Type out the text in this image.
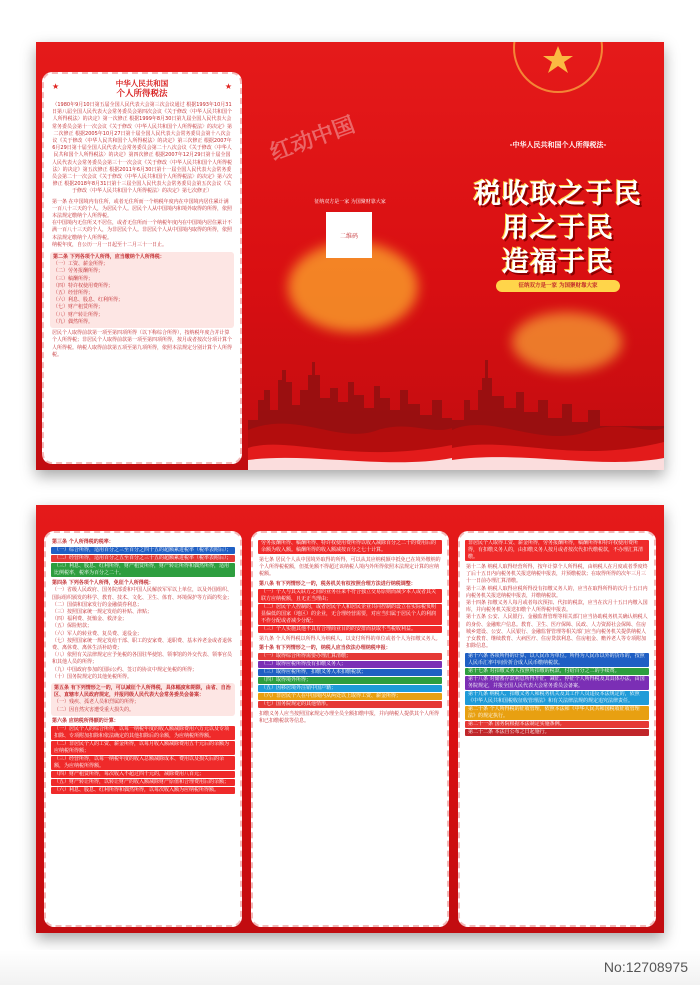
★	★
中华人民共和国
个人所得税法

（1980年9月10日第五届全国人民代表大会第三次会议通过 根据1993年10月31日第八届全国人民代表大会常务委员会第四次会议《关于修改〈中华人民共和国个人所得税法〉的决定》第一次修正 根据1999年8月30日第九届全国人民代表大会常务委员会第十一次会议《关于修改〈中华人民共和国个人所得税法〉的决定》第二次修正 根据2005年10月27日第十届全国人民代表大会常务委员会第十八次会议《关于修改〈中华人民共和国个人所得税法〉的决定》第三次修正 根据2007年6月29日第十届全国人民代表大会常务委员会第二十八次会议《关于修改〈中华人民共和国个人所得税法〉的决定》第四次修正 根据2007年12月29日第十届全国人民代表大会常务委员会第三十一次会议《关于修改〈中华人民共和国个人所得税法〉的决定》第五次修正 根据2011年6月30日第十一届全国人民代表大会常务委员会第二十一次会议《关于修改〈中华人民共和国个人所得税法〉的决定》第六次修正 根据2018年8月31日第十三届全国人民代表大会常务委员会第五次会议《关于修改〈中华人民共和国个人所得税法〉的决定》第七次修正）

第一条 在中国境内有住所，或者无住所而一个纳税年度内在中国境内居住累计满一百八十三天的个人，为居民个人。居民个人从中国境内和境外取得的所得，依照本法规定缴纳个人所得税。

在中国境内无住所又不居住，或者无住所而一个纳税年度内在中国境内居住累计不满一百八十三天的个人，为非居民个人。非居民个人从中国境内取得的所得，依照本法规定缴纳个人所得税。

纳税年度，自公历一月一日起至十二月三十一日止。

第二条 下列各项个人所得，应当缴纳个人所得税：

（一）工资、薪金所得；

（二）劳务报酬所得；

（三）稿酬所得；

（四）特许权使用费所得；

（五）经营所得；

（六）利息、股息、红利所得；

（七）财产租赁所得；

（八）财产转让所得；

（九）偶然所得。

居民个人取得前款第一项至第四项所得（以下称综合所得），按纳税年度合并计算个人所得税；非居民个人取得前款第一项至第四项所得，按月或者按次分项计算个人所得税。纳税人取得前款第五项至第九项所得，依照本法规定分别计算个人所得税。

红动中国
征纳双方是一家 为国聚财靠大家
二维码
-中华人民共和国个人所得税法-
税收取之于民
用之于民
造福于民
征纳双方是一家 为国聚财靠大家

第三条 个人所得税的税率：

（一）综合所得，适用百分之三至百分之四十五的超额累进税率（税率表附后）；
（二）经营所得，适用百分之五至百分之三十五的超额累进税率（税率表附后）；
（三）利息、股息、红利所得，财产租赁所得，财产转让所得和偶然所得，适用比例税率，税率为百分之二十。

第四条 下列各项个人所得，免征个人所得税：

（一）省级人民政府、国务院部委和中国人民解放军军以上单位，以及外国组织、国际组织颁发的科学、教育、技术、文化、卫生、体育、环境保护等方面的奖金；

（二）国债和国家发行的金融债券利息；

（三）按照国家统一规定发给的补贴、津贴；

（四）福利费、抚恤金、救济金；

（五）保险赔款；

（六）军人的转业费、复员费、退役金；

（七）按照国家统一规定发给干部、职工的安家费、退职费、基本养老金或者退休费、离休费、离休生活补助费；

（八）依照有关法律规定应予免税的各国驻华使馆、领事馆的外交代表、领事官员和其他人员的所得；

（九）中国政府参加的国际公约、签订的协议中规定免税的所得；

（十）国务院规定的其他免税所得。

第五条 有下列情形之一的，可以减征个人所得税，具体幅度和期限，由省、自治区、直辖市人民政府规定，并报同级人民代表大会常务委员会备案：

（一）残疾、孤老人员和烈属的所得；

（二）因自然灾害遭受重大损失的。

第六条 应纳税所得额的计算：

（一）居民个人的综合所得，以每一纳税年度的收入额减除费用六万元以及专项扣除、专项附加扣除和依法确定的其他扣除后的余额，为应纳税所得额。
（二）非居民个人的工资、薪金所得，以每月收入额减除费用五千元后的余额为应纳税所得额；
（三）经营所得，以每一纳税年度的收入总额减除成本、费用以及损失后的余额，为应纳税所得额。
（四）财产租赁所得，每次收入不超过四千元的，减除费用八百元；
（五）财产转让所得，以转让财产的收入额减除财产原值和合理费用后的余额；
（六）利息、股息、红利所得和偶然所得，以每次收入额为应纳税所得额。
劳务报酬所得、稿酬所得、特许权使用费所得以收入减除百分之二十的费用后的余额为收入额。稿酬所得的收入额减按百分之七十计算。

第七条 居民个人从中国境外取得的所得，可以从其应纳税额中抵免已在境外缴纳的个人所得税税额，但抵免额不得超过该纳税人境内外所得依照本法规定计算的应纳税额。

第八条 有下列情形之一的，税务机关有权按照合理方法进行纳税调整：

（一）个人与其关联方之间的业务往来不符合独立交易原则而减少本人或者其关联方应纳税额，且无正当理由；
（二）居民个人控制的，或者居民个人和居民企业共同控制的设立在实际税负明显偏低的国家（地区）的企业，无合理经营需要，对应当归属于居民个人的利润不作分配或者减少分配；
（三）个人实施其他不具有合理商业目的的安排而获取不当税收利益。

第九条 个人所得税以所得人为纳税人，以支付所得的单位或者个人为扣缴义务人。

第十条 有下列情形之一的，纳税人应当依法办理纳税申报：

（一）取得综合所得需要办理汇算清缴；
（二）取得应税所得没有扣缴义务人；
（三）取得应税所得，扣缴义务人未扣缴税款；
（四）取得境外所得；
（五）因移居境外注销中国户籍；
（六）非居民个人在中国境内从两处以上取得工资、薪金所得；
（七）国务院规定的其他情形。

扣缴义务人应当按照国家规定办理全员全额扣缴申报，并向纳税人提供其个人所得和已扣缴税款等信息。

非居民个人取得工资、薪金所得，劳务报酬所得，稿酬所得和特许权使用费所得，有扣缴义务人的，由扣缴义务人按月或者按次代扣代缴税款，不办理汇算清缴。

第十二条 纳税人取得经营所得，按年计算个人所得税，由纳税人在月度或者季度终了后十五日内向税务机关报送纳税申报表，并预缴税款；在取得所得的次年三月三十一日前办理汇算清缴。

第十三条 纳税人取得应税所得没有扣缴义务人的，应当在取得所得的次月十五日内向税务机关报送纳税申报表，并缴纳税款。

第十四条 扣缴义务人每月或者每次预扣、代扣的税款，应当在次月十五日内缴入国库，并向税务机关报送扣缴个人所得税申报表。

第十五条 公安、人民银行、金融监督管理等相关部门应当协助税务机关确认纳税人的身份、金融账户信息。教育、卫生、医疗保障、民政、人力资源社会保障、住房城乡建设、公安、人民银行、金融监督管理等相关部门应当向税务机关提供纳税人子女教育、继续教育、大病医疗、住房贷款利息、住房租金、赡养老人等专项附加扣除信息。

第十六条 各项所得的计算，以人民币为单位。所得为人民币以外的货币的，按照人民币汇率中间价折合成人民币缴纳税款。
第十七条 对扣缴义务人按照所扣缴的税款，付给百分之二的手续费。
第十八条 对储蓄存款利息所得开征、减征、停征个人所得税及其具体办法，由国务院规定，并报全国人民代表大会常务委员会备案。
第十九条 纳税人、扣缴义务人和税务机关及其工作人员违反本法规定的，依照《中华人民共和国税收征收管理法》和有关法律法规的规定追究法律责任。
第二十条 个人所得税的征收管理，依照本法和《中华人民共和国税收征收管理法》的规定执行。
第二十一条 国务院根据本法制定实施条例。
第二十二条 本法自公布之日起施行。
No:12708975
